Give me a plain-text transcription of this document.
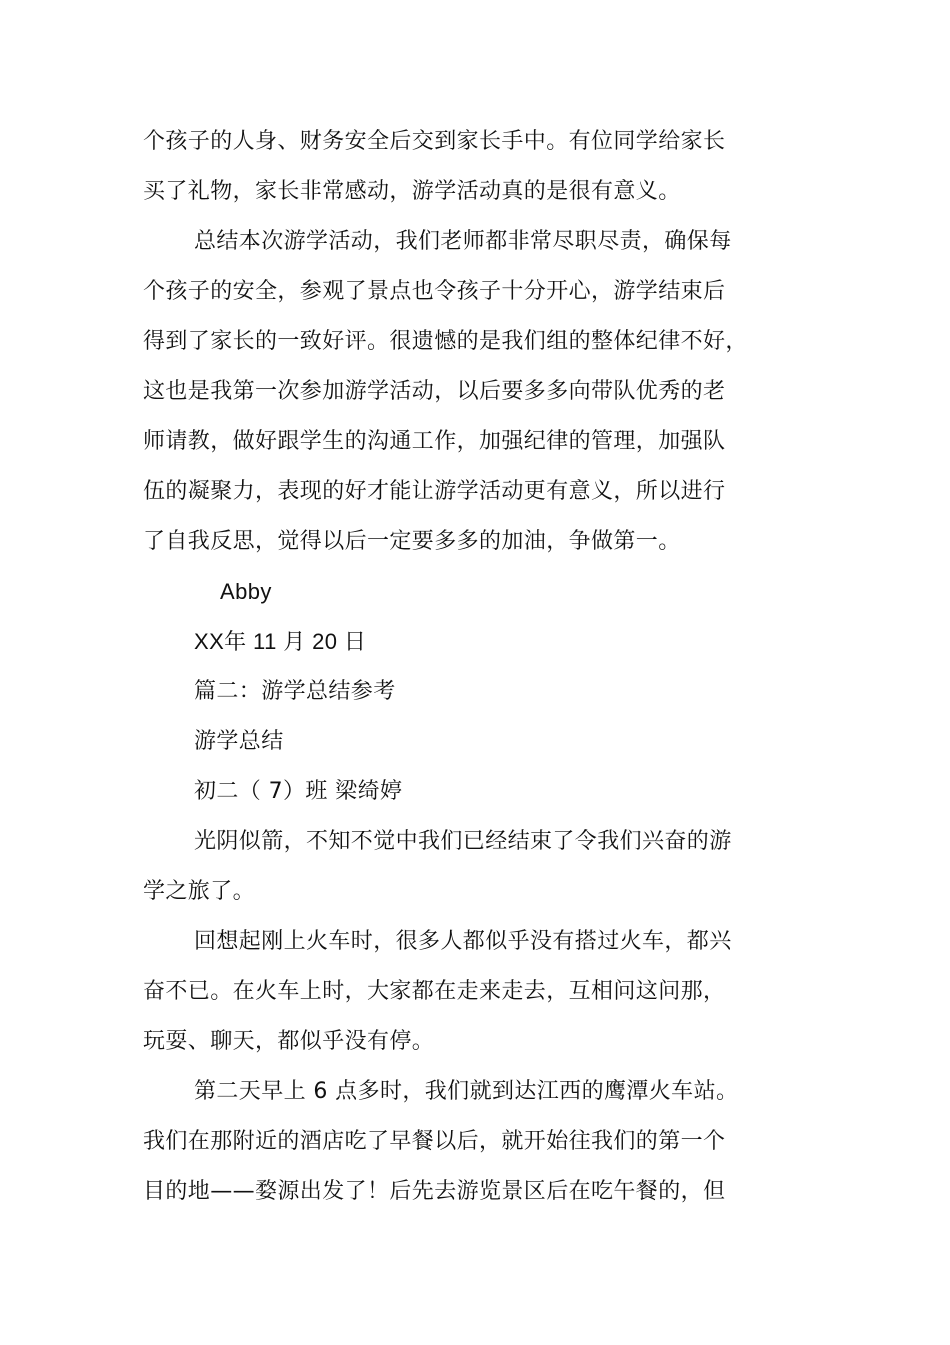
个孩子的人身、财务安全后交到家长手中。有位同学给家长
买了礼物，家长非常感动，游学活动真的是很有意义。
总结本次游学活动，我们老师都非常尽职尽责，确保每
个孩子的安全，参观了景点也令孩子十分开心，游学结束后
得到了家长的一致好评。很遗憾的是我们组的整体纪律不好，
这也是我第一次参加游学活动，以后要多多向带队优秀的老
师请教，做好跟学生的沟通工作，加强纪律的管理，加强队
伍的凝聚力，表现的好才能让游学活动更有意义，所以进行
了自我反思，觉得以后一定要多多的加油，争做第一。
Abby
XX年 11 月 20 日
篇二：游学总结参考
游学总结
初二（ 7）班 梁绮婷
光阴似箭，不知不觉中我们已经结束了令我们兴奋的游
学之旅了。
回想起刚上火车时，很多人都似乎没有搭过火车，都兴
奋不已。在火车上时，大家都在走来走去，互相问这问那，
玩耍、聊天，都似乎没有停。
第二天早上 6 点多时，我们就到达江西的鹰潭火车站。
我们在那附近的酒店吃了早餐以后，就开始往我们的第一个
目的地——婺源出发了！后先去游览景区后在吃午餐的，但
